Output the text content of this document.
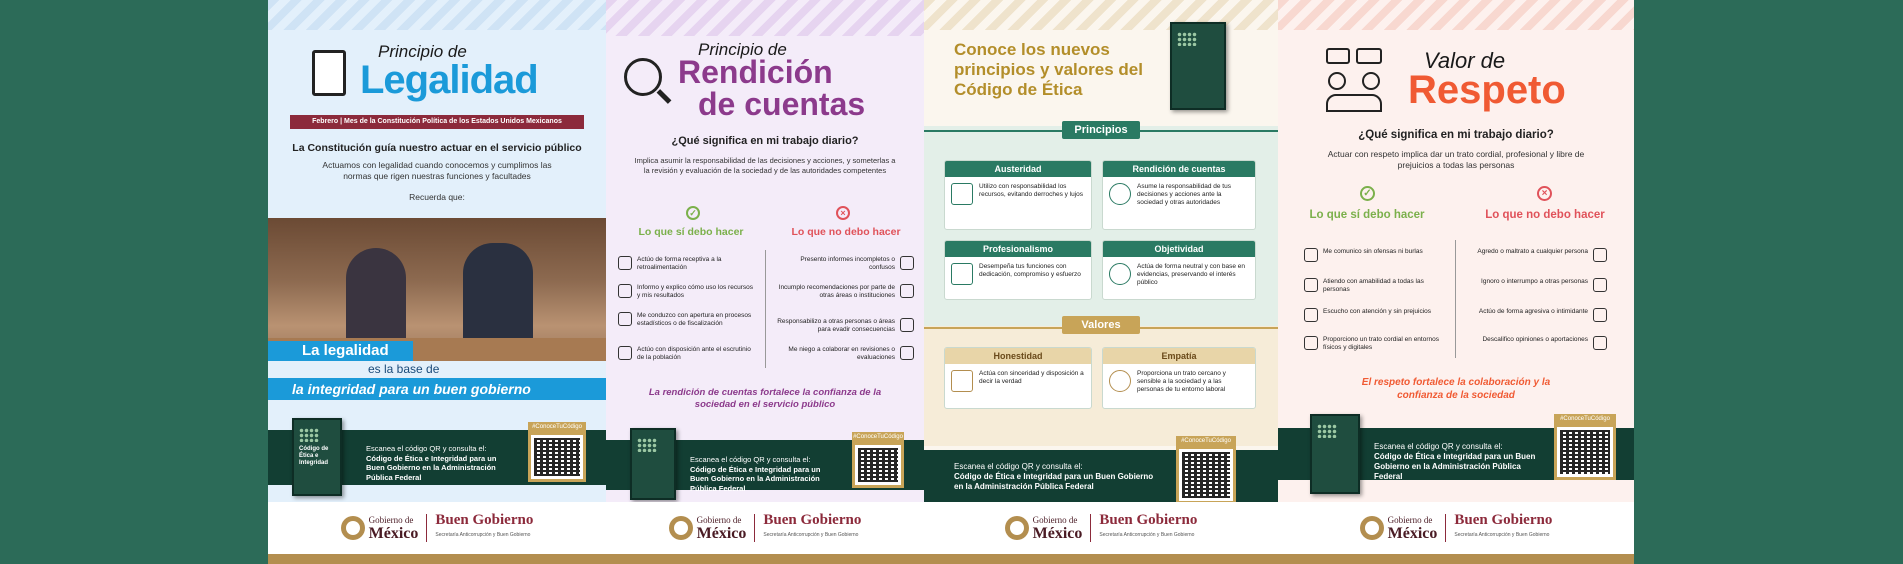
Principio de
Legalidad
Febrero | Mes de la Constitución Política de los Estados Unidos Mexicanos
La Constitución guía nuestro actuar en el servicio público
Actuamos con legalidad cuando conocemos y cumplimos las normas que rigen nuestras funciones y facultades
Recuerda que:
La legalidad
es la base de
la integridad para un buen gobierno
Código de Ética e Integridad
Escanea el código QR y consulta el:
Código de Ética e Integridad para un Buen Gobierno en la Administración Pública Federal
#ConoceTuCódigo
Gobierno de
México
Buen Gobierno
Secretaría Anticorrupción y Buen Gobierno
Principio de
Rendición
de cuentas
¿Qué significa en mi trabajo diario?
Implica asumir la responsabilidad de las decisiones y acciones, y someterlas a la revisión y evaluación de la sociedad y de las autoridades competentes
✓	×
Lo que sí debo hacer	Lo que no debo hacer
Actúo de forma receptiva a la retroalimentación
Informo y explico cómo uso los recursos y mis resultados
Me conduzco con apertura en procesos estadísticos o de fiscalización
Actúo con disposición ante el escrutinio de la población
Presento informes incompletos o confusos
Incumplo recomendaciones por parte de otras áreas o instituciones
Responsabilizo a otras personas o áreas para evadir consecuencias
Me niego a colaborar en revisiones o evaluaciones
La rendición de cuentas fortalece la confianza de la sociedad en el servicio público
Escanea el código QR y consulta el:
Código de Ética e Integridad para un Buen Gobierno en la Administración Pública Federal
#ConoceTuCódigo
Gobierno de
México
Buen Gobierno
Secretaría Anticorrupción y Buen Gobierno
Conoce los nuevos principios y valores del Código de Ética
Principios
Austeridad
Utilizo con responsabilidad los recursos, evitando derroches y lujos
Rendición de cuentas
Asume la responsabilidad de tus decisiones y acciones ante la sociedad y otras autoridades
Profesionalismo
Desempeña tus funciones con dedicación, compromiso y esfuerzo
Objetividad
Actúa de forma neutral y con base en evidencias, preservando el interés público
Valores
Honestidad
Actúa con sinceridad y disposición a decir la verdad
Empatía
Proporciona un trato cercano y sensible a la sociedad y a las personas de tu entorno laboral
Escanea el código QR y consulta el:
Código de Ética e Integridad para un Buen Gobierno en la Administración Pública Federal
#ConoceTuCódigo
Gobierno de
México
Buen Gobierno
Secretaría Anticorrupción y Buen Gobierno
Valor de
Respeto
¿Qué significa en mi trabajo diario?
Actuar con respeto implica dar un trato cordial, profesional y libre de prejuicios a todas las personas
✓	×
Lo que sí debo hacer	Lo que no debo hacer
Me comunico sin ofensas ni burlas
Atiendo con amabilidad a todas las personas
Escucho con atención y sin prejuicios
Proporciono un trato cordial en entornos físicos y digitales
Agredo o maltrato a cualquier persona
Ignoro o interrumpo a otras personas
Actúo de forma agresiva o intimidante
Descalifico opiniones o aportaciones
El respeto fortalece la colaboración y la confianza de la sociedad
Escanea el código QR y consulta el:
Código de Ética e Integridad para un Buen Gobierno en la Administración Pública Federal
#ConoceTuCódigo
Gobierno de
México
Buen Gobierno
Secretaría Anticorrupción y Buen Gobierno
